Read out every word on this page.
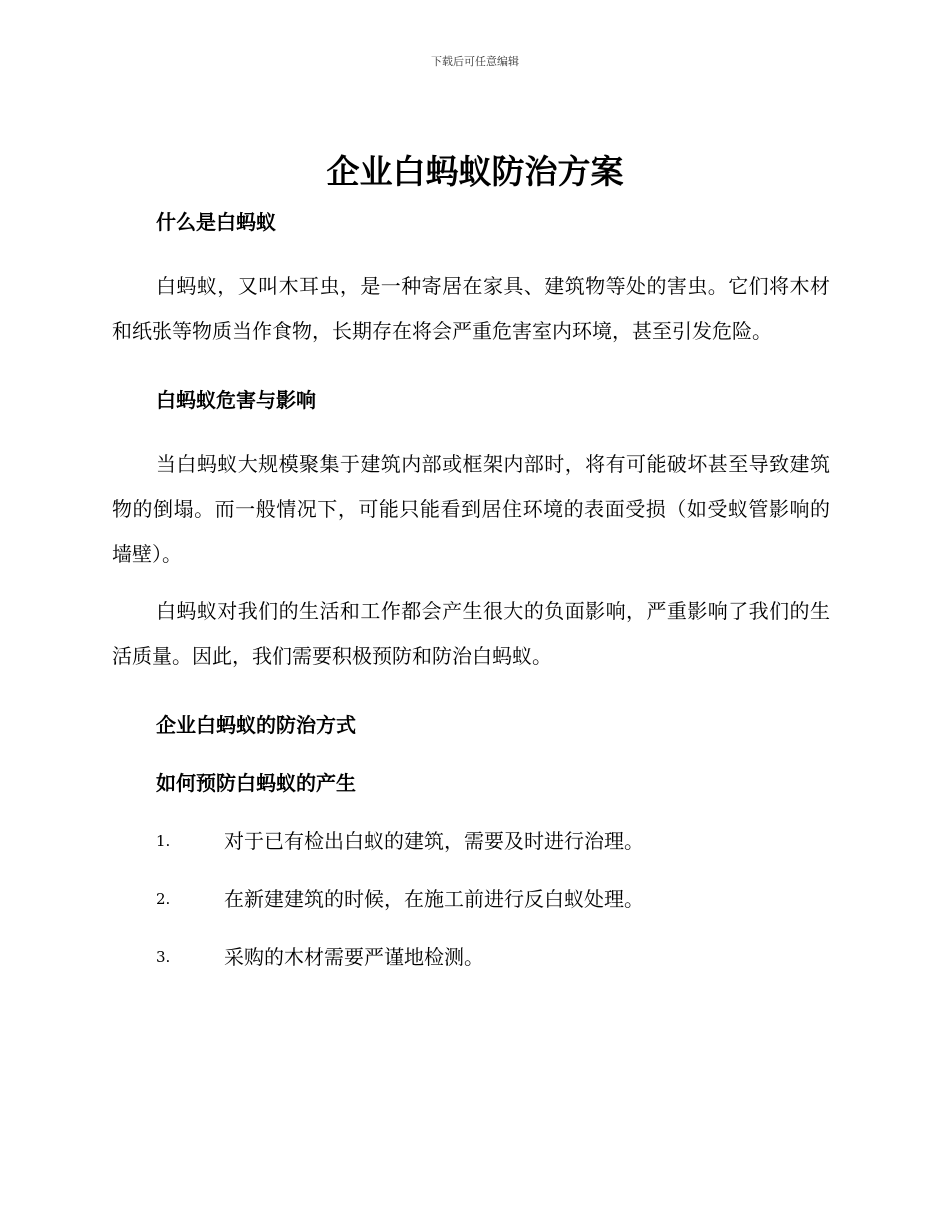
下载后可任意编辑
企业白蚂蚁防治方案
什么是白蚂蚁

白蚂蚁，又叫木耳虫，是一种寄居在家具、建筑物等处的害虫。它们将木材和纸张等物质当作食物，长期存在将会严重危害室内环境，甚至引发危险。

白蚂蚁危害与影响

当白蚂蚁大规模聚集于建筑内部或框架内部时，将有可能破坏甚至导致建筑物的倒塌。而一般情况下，可能只能看到居住环境的表面受损（如受蚁管影响的墙壁）。

白蚂蚁对我们的生活和工作都会产生很大的负面影响，严重影响了我们的生活质量。因此，我们需要积极预防和防治白蚂蚁。

企业白蚂蚁的防治方式
如何预防白蚂蚁的产生
1.	对于已有检出白蚁的建筑，需要及时进行治理。
2.	在新建建筑的时候，在施工前进行反白蚁处理。
3.	采购的木材需要严谨地检测。
